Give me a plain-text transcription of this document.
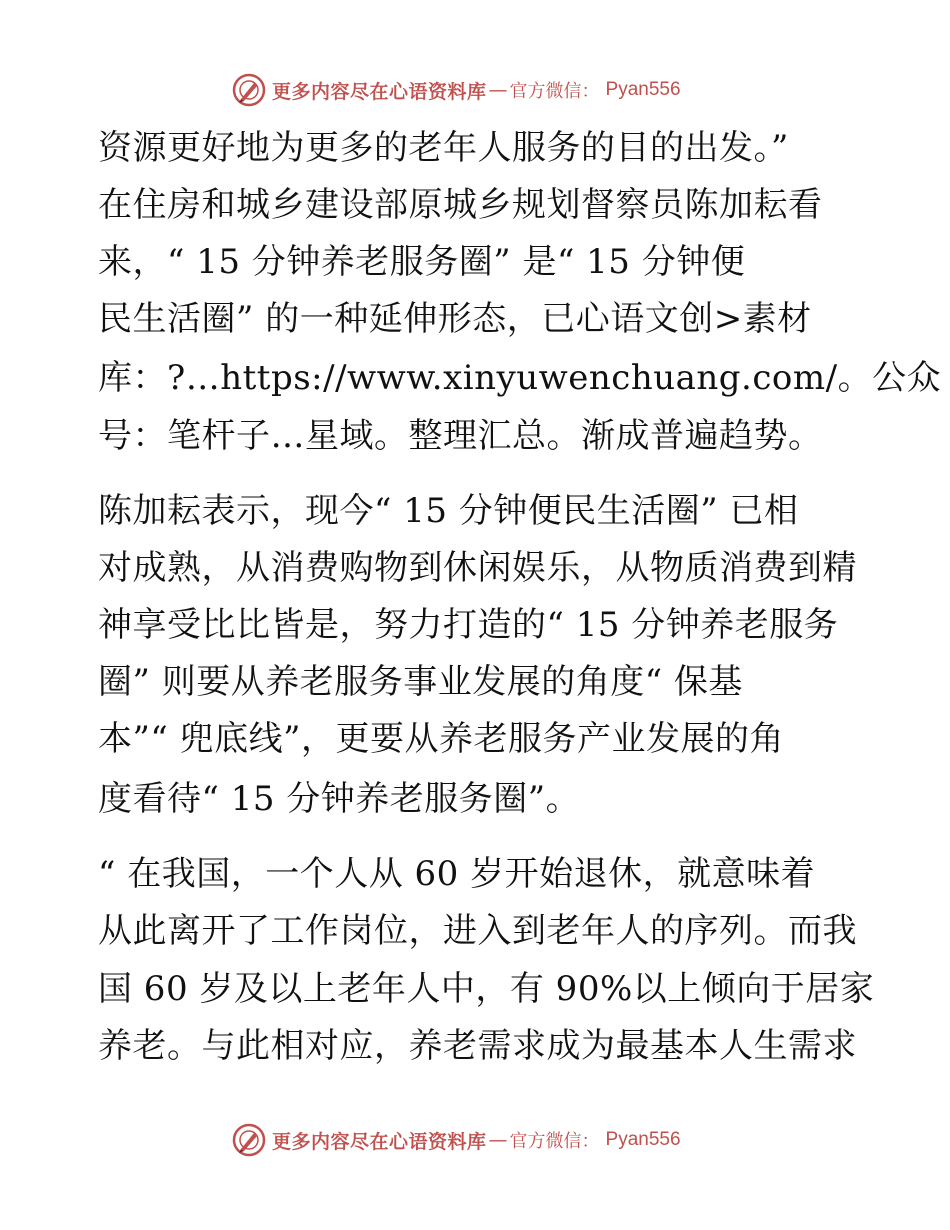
更多内容尽在心语资料库 — 官方微信： Pyan556
资源更好地为更多的老年人服务的目的出发。”
在住房和城乡建设部原城乡规划督察员陈加耘看
来，“ 15 分钟养老服务圈” 是“ 15 分钟便
民生活圈” 的一种延伸形态，已心语文创>素材
库：?…https://www.xinyuwenchuang.com/。公众
号：笔杆子…星域。整理汇总。渐成普遍趋势。
陈加耘表示，现今“ 15 分钟便民生活圈” 已相
对成熟，从消费购物到休闲娱乐，从物质消费到精
神享受比比皆是，努力打造的“ 15 分钟养老服务
圈” 则要从养老服务事业发展的角度“ 保基
本”“ 兜底线”，更要从养老服务产业发展的角
度看待“ 15 分钟养老服务圈”。
“ 在我国，一个人从 60 岁开始退休，就意味着
从此离开了工作岗位，进入到老年人的序列。而我
国 60 岁及以上老年人中，有 90%以上倾向于居家
养老。与此相对应，养老需求成为最基本人生需求
更多内容尽在心语资料库 — 官方微信： Pyan556
